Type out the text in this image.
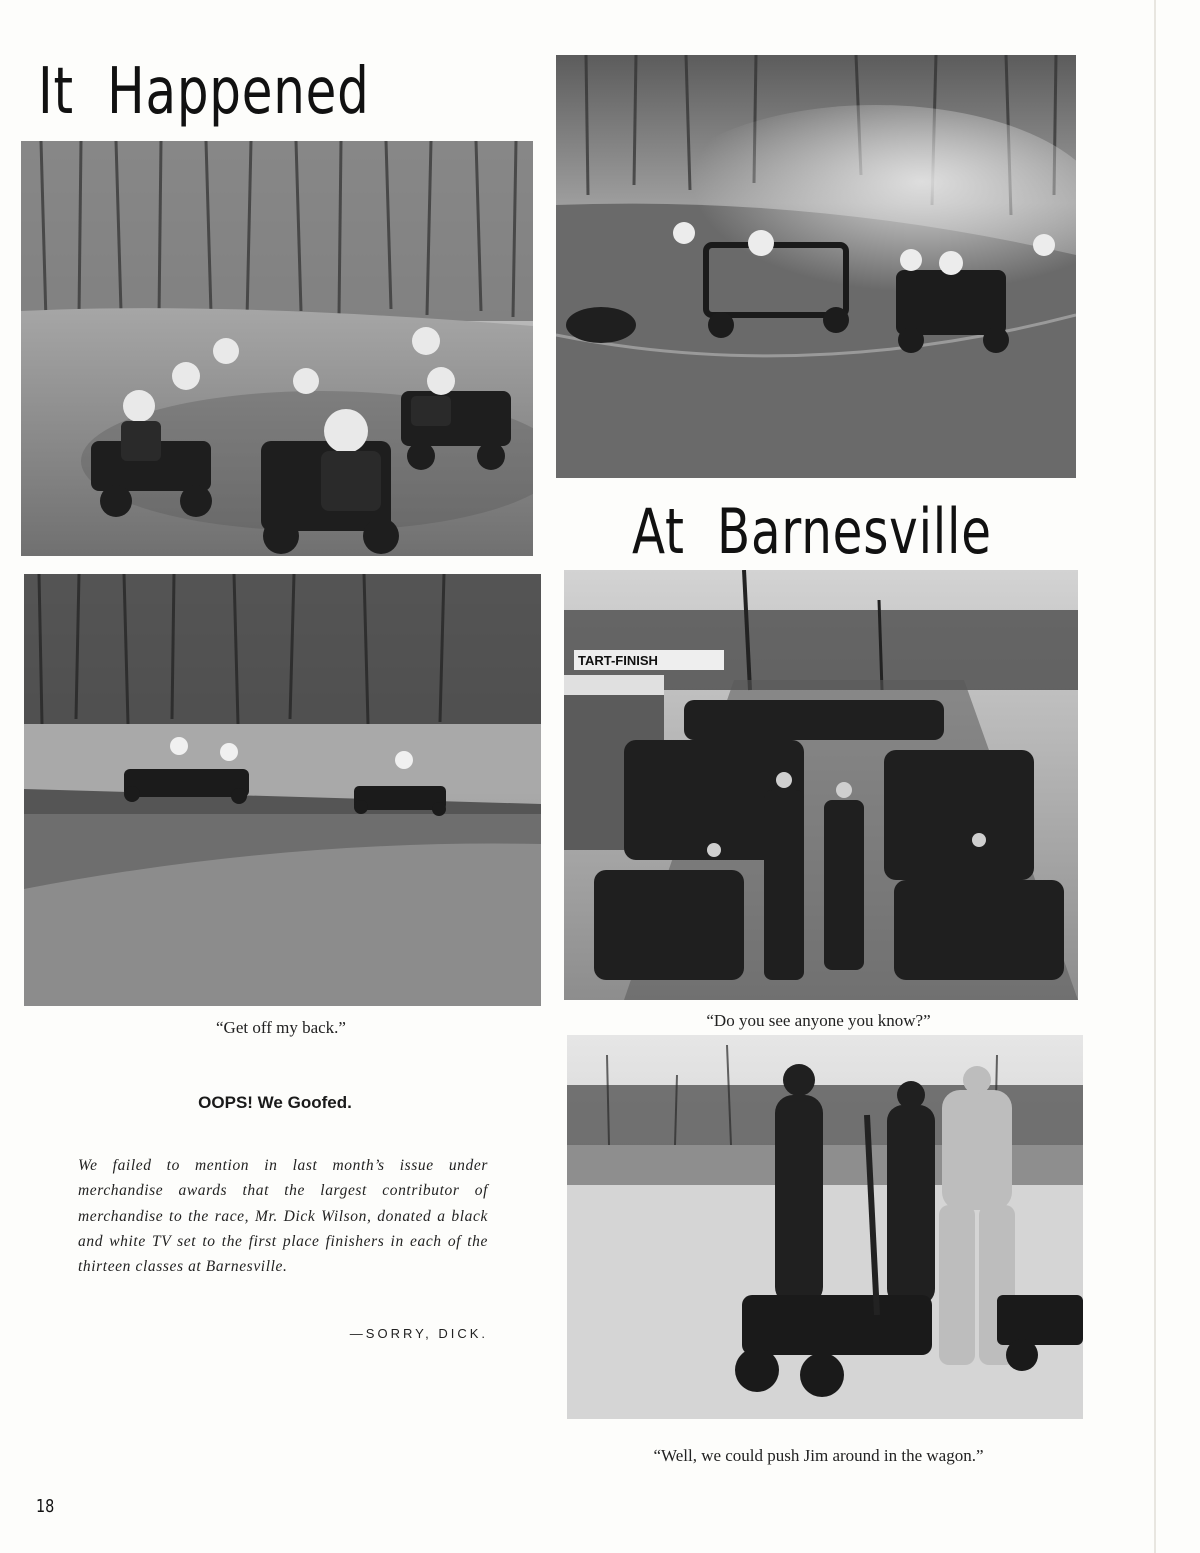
It  Happened
At  Barnesville
TART-FINISH
“Get off my back.”	“Do you see anyone you know?”
“Well, we could push Jim around in the wagon.”
OOPS! We Goofed.
We failed to mention in last month’s issue under merchandise awards that the largest contributor of merchandise to the race, Mr. Dick Wilson, donated a black and white TV set to the first place finishers in each of the thirteen classes at Barnesville.
—SORRY, DICK.
18
